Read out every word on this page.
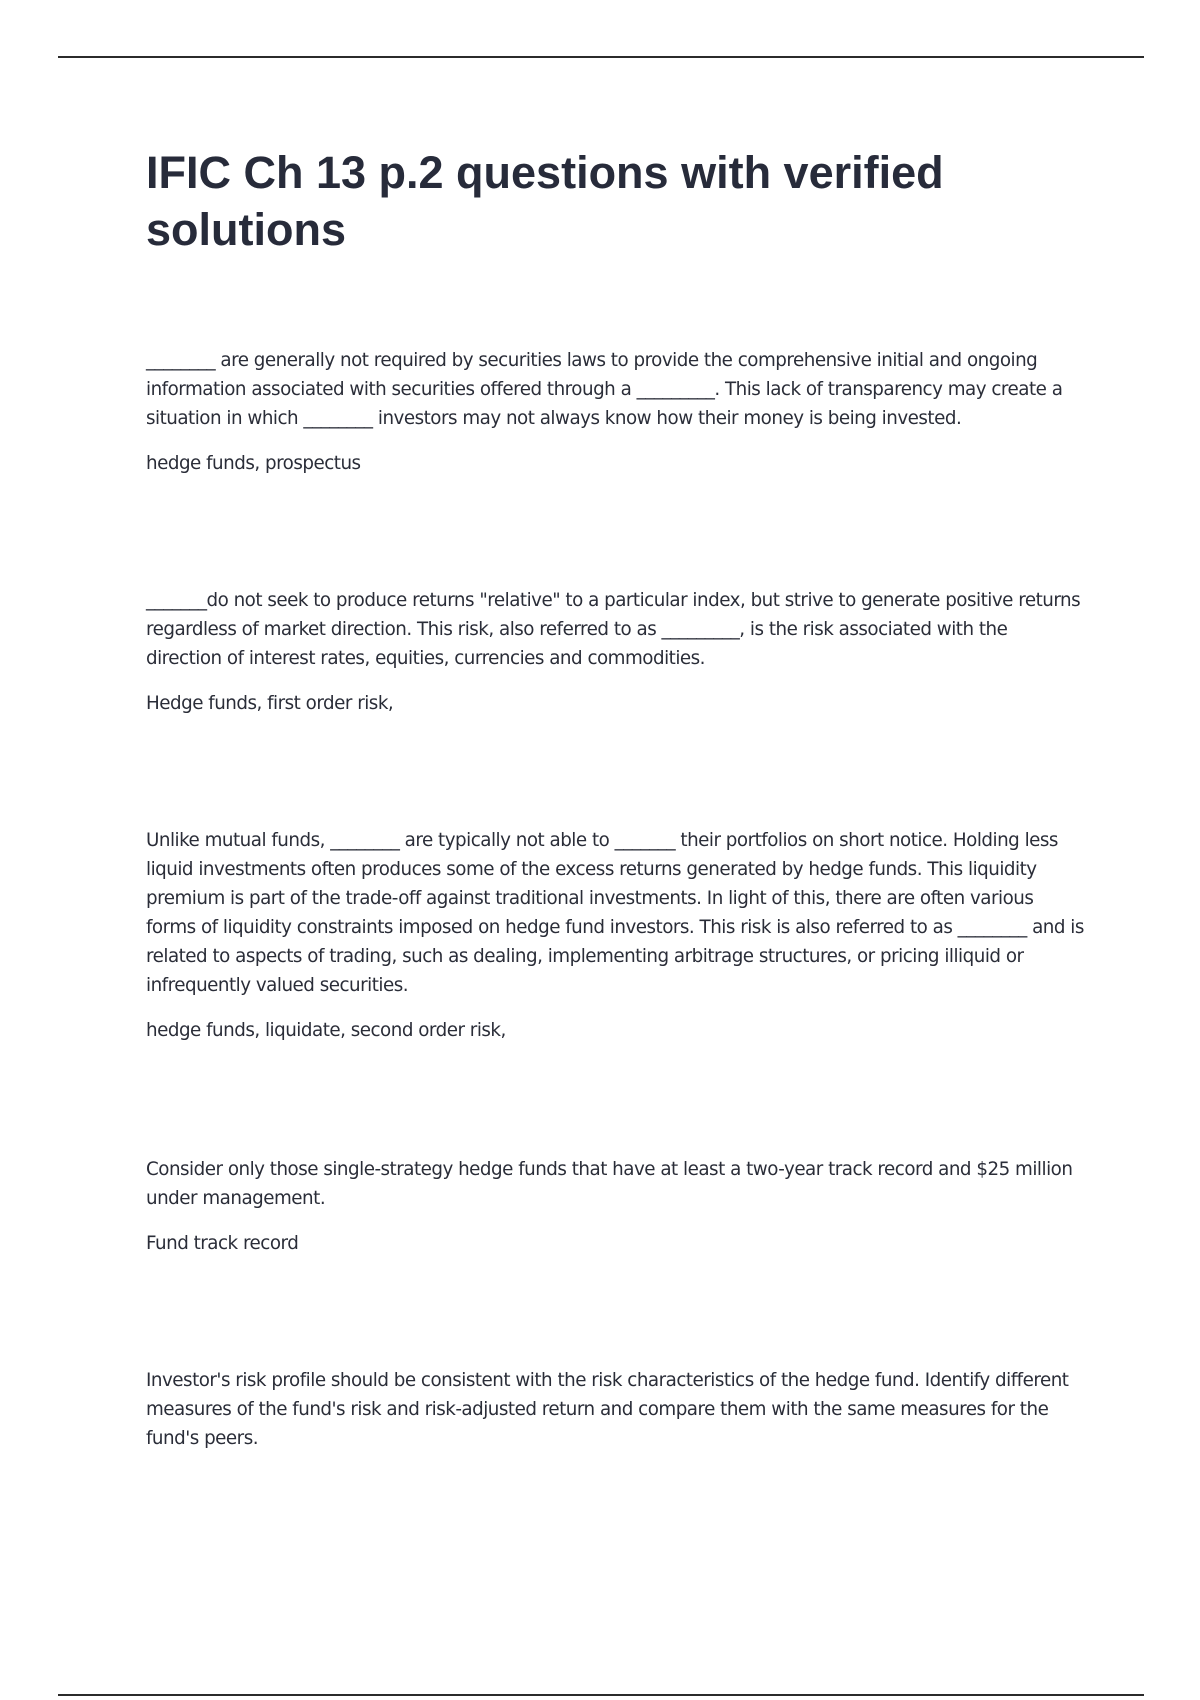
IFIC Ch 13 p.2 questions with verified solutions

________ are generally not required by securities laws to provide the comprehensive initial and ongoing information associated with securities offered through a _________. This lack of transparency may create a situation in which ________ investors may not always know how their money is being invested.

hedge funds, prospectus

_______do not seek to produce returns "relative" to a particular index, but strive to generate positive returns regardless of market direction. This risk, also referred to as _________, is the risk associated with the direction of interest rates, equities, currencies and commodities.

Hedge funds, first order risk,

Unlike mutual funds, ________ are typically not able to _______ their portfolios on short notice. Holding less liquid investments often produces some of the excess returns generated by hedge funds. This liquidity premium is part of the trade-off against traditional investments. In light of this, there are often various forms of liquidity constraints imposed on hedge fund investors. This risk is also referred to as ________ and is related to aspects of trading, such as dealing, implementing arbitrage structures, or pricing illiquid or infrequently valued securities.

hedge funds, liquidate, second order risk,

Consider only those single-strategy hedge funds that have at least a two-year track record and $25 million under management.

Fund track record

Investor's risk profile should be consistent with the risk characteristics of the hedge fund. Identify different measures of the fund's risk and risk-adjusted return and compare them with the same measures for the fund's peers.
